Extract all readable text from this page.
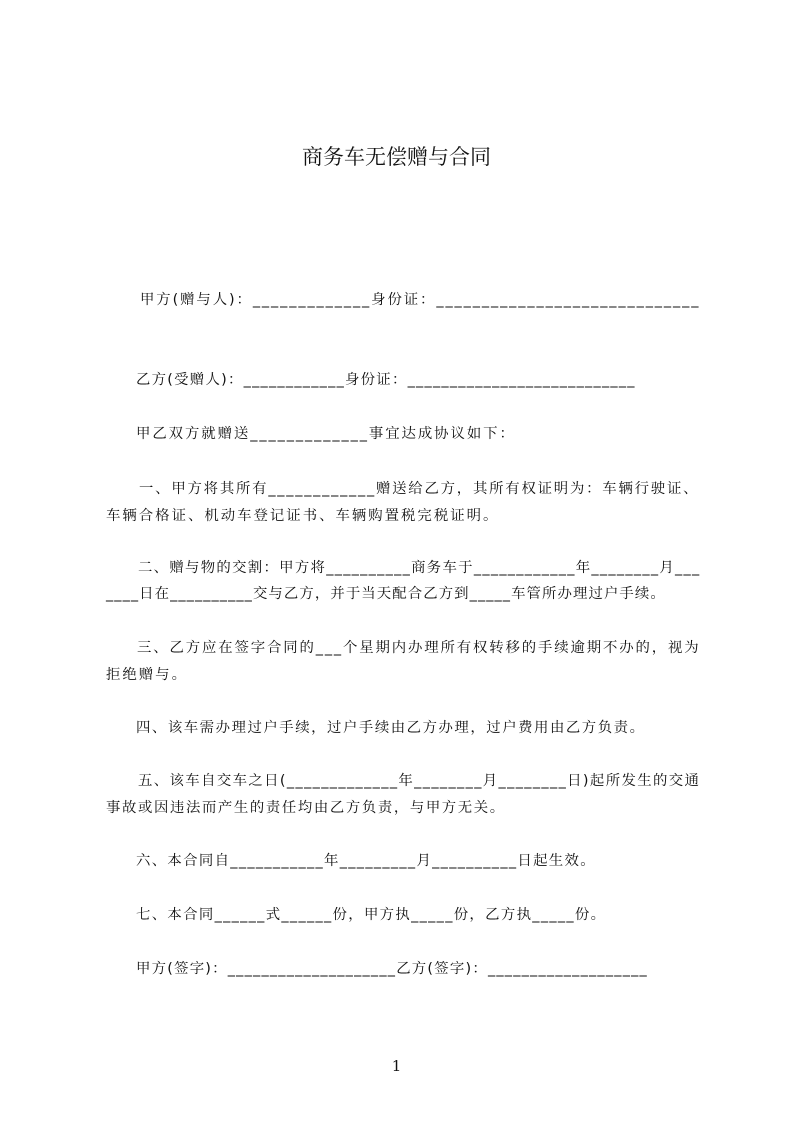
商务车无偿赠与合同
甲方(赠与人)：_____________身份证：_____________________________
乙方(受赠人)：____________身份证：___________________________
甲乙双方就赠送_____________事宜达成协议如下：
一、甲方将其所有____________赠送给乙方，其所有权证明为：车辆行驶证、
车辆合格证、机动车登记证书、车辆购置税完税证明。
二、赠与物的交割：甲方将__________商务车于____________年________月___
____日在__________交与乙方，并于当天配合乙方到_____车管所办理过户手续。
三、乙方应在签字合同的___个星期内办理所有权转移的手续逾期不办的，视为
拒绝赠与。
四、该车需办理过户手续，过户手续由乙方办理，过户费用由乙方负责。
五、该车自交车之日(_____________年________月________日)起所发生的交通
事故或因违法而产生的责任均由乙方负责，与甲方无关。
六、本合同自___________年_________月__________日起生效。
七、本合同______式______份，甲方执_____份，乙方执_____份。
甲方(签字)：____________________乙方(签字)：___________________
1
